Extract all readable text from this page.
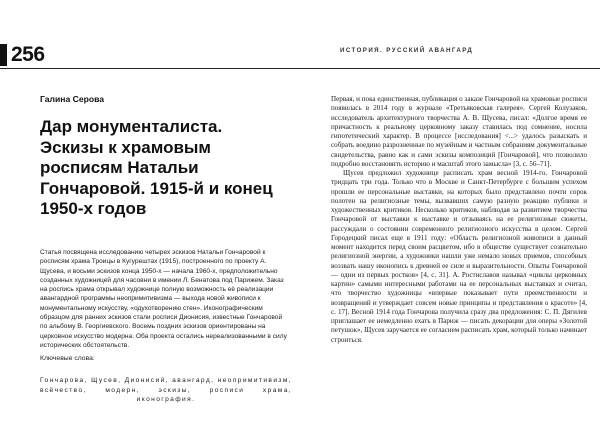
256	ИСТОРИЯ. РУССКИЙ АВАНГАРД
Галина Серова
Дар монументалиста. Эскизы к храмовым росписям Натальи Гончаровой. 1915-й и конец 1950-х годов

Статья посвящена исследованию четырех эскизов Натальи Гончаровой к росписям храма Троицы в Кугурештах (1915), построенного по проекту А. Щусева, и восьми эскизов конца 1950-х — начала 1960-х, предположительно созданных художницей для часовни в имении Л. Бенатова под Парижем. Заказ на роспись храма открывал художнице полную возможность её реализации авангардной программы неопримитивизма — выхода новой живописи к монументальному искусству, «одухотворению стен». Иконографическим образцом для ранних эскизов стали росписи Дионисия, известные Гончаровой по альбому В. Георгиевского. Восемь поздних эскизов ориентированы на церковное искусство модерна. Оба проекта остались нереализованными в силу исторических обстоятельств.

Ключевые слова:

Гончарова, Щусев, Дионисий, авангард, неопримитивизм, всёчество, модерн, эскизы, росписи храма, иконография.

Первая, и пока единственная, публикация о заказе Гончаровой на храмовые росписи появилась в 2014 году в журнале «Третьяковская галерея». Сергей Колузаков, исследователь архитектурного творчества А. В. Щусева, писал: «Долгое время ее причастность к реальному церковному заказу ставилась под сомнение, носила гипотетический характер. В процессе [исследования] <...> удалось разыскать и собрать воедино разрозненные по музейным и частным собраниям документальные свидетельства, равно как и сами эскизы композиций [Гончаровой], что позволило подробно восстановить историю и масштаб этого замысла» [3, с. 56–71].
Щусев предложил художнице расписать храм весной 1914-го. Гончаровой тридцать три года. Только что в Москве и Санкт-Петербурге с большим успехом прошли ее персональные выставки, на которых было представлено почти сорок полотен на религиозные темы, вызвавших самую разную реакцию публики и художественных критиков. Несколько критиков, наблюдая за развитием творчества Гончаровой от выставки к выставке и отзываясь на ее религиозные сюжеты, рассуждали о состоянии современного религиозного искусства в целом. Сергей Городецкий писал еще в 1911 году: «Область религиозной живописи в данный момент находится перед своим расцветом, ибо в обществе существует сознательно религиозной энергии, а художники нашли уже немало новых приемов, способных воззвать нашу иконопись к древней ее силе и выразительности. Опыты Гончаровой — одни из первых ростков» [4, с. 31]. А. Ростиславов называл «циклы церковных картин» самыми интересными работами на ее персональных выставках и считал, что творчество художницы «впервые показывает пути преемственности и возвращений и утверждает совсем новые принципы и представления о красоте» [4, с. 17]. Весной 1914 года Гончарова получила сразу два предложения: С. П. Дягилев приглашает ее немедленно ехать в Париж — писать декорации для оперы «Золотой петушок», Щусев заручается ее согласием расписать храм, который только начинает строиться.
